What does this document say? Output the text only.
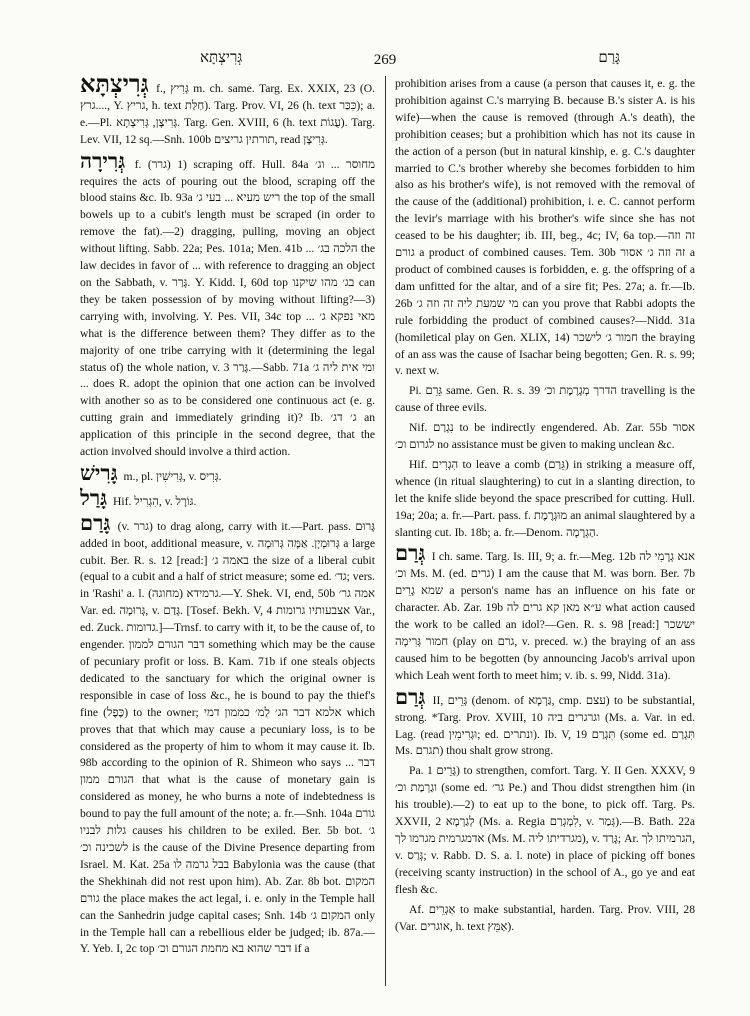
גְּרִיצְתָּא	269	גָּרַם

גְּרִיצְתָּא f., גְּרִיץ m. ch. same. Targ. Ex. XXIX, 23 (O. גרץ...., Y. גריץ, h. text חַלַּת). Targ. Prov. VI, 26 (h. text כִּכַּר); a. e.—Pl. גְּרִיצָן, גְּרִיצְתָא. Targ. Gen. XVIII, 6 (h. text עֻגוֹת). Targ. Lev. VII, 12 sq.—Snh. 100b תורתין גריצים, read גְּרִיצָן.

גְּרִירָה f. (גרר) 1) scraping off. Hull. 84a מחוסר ... וג׳ requires the acts of pouring out the blood, scraping off the blood stains &c. Ib. 93a ריש מעיא ... בעי ג׳ the top of the small bowels up to a cubit's length must be scraped (in order to remove the fat).—2) dragging, pulling, moving an object without lifting. Sabb. 22a; Pes. 101a; Men. 41b ... הלכה בג׳ the law decides in favor of ... with reference to dragging an object on the Sabbath, v. גָּרַר. Y. Kidd. I, 60d top בג׳ מהו שיקנו can they be taken possession of by moving without lifting?—3) carrying with, involving. Y. Pes. VII, 34c top ... מאי נפקא ג׳ what is the difference between them? They differ as to the majority of one tribe carrying with it (determining the legal status of) the whole nation, v. גָּרַר 3.—Sabb. 71a ומי אית ליה ג׳ ... does R. adopt the opinion that one action can be involved with another so as to be considered one continuous act (e. g. cutting grain and immediately grinding it)? Ib. ג׳ דג׳ an application of this principle in the second degree, that the action involved should involve a third action.

גָּרִישׁ m., pl. גְּרִישִׁין, v. גְּרִיס.

גָּרַל Hif. הִגְרִיל, v. גּוֹרָל.

גָּרַם (v. גרר) to drag along, carry with it.—Part. pass. גָּרוּם added in boot, additional measure, v. גְּרוּמְיָן. אַמָּה גְּרוּמָה a large cubit. Ber. R. s. 12 [read:] באמה ג׳ the size of a liberal cubit (equal to a cubit and a half of strict measure; some ed. גד׳; vers. in 'Rashi' a. l. גרמידא (מחוגה).—Y. Shek. VI, end, 50b אמה גר׳ Var. ed. גְּרוּמָה, v. גָּדַם. [Tosef. Bekh. V, 4 אצבעותיו גרומות Var., ed. Zuck. גדומות.]—Trnsf. to carry with it, to be the cause of, to engender. דבר הגורם לממון something which may be the cause of pecuniary profit or loss. B. Kam. 71b if one steals objects dedicated to the sanctuary for which the original owner is responsible in case of loss &c., he is bound to pay the thief's fine (כֶּפֶל) to the owner; אלמא דבר הג׳ לַמ׳ כממון דמי which proves that that which may cause a pecuniary loss, is to be considered as the property of him to whom it may cause it. Ib. 98b according to the opinion of R. Shimeon who says ... דבר הגורם ממון that what is the cause of monetary gain is considered as money, he who burns a note of indebtedness is bound to pay the full amount of the note; a. fr.—Snh. 104a גורם גלות לבניו causes his children to be exiled. Ber. 5b bot. ג׳ לשכינה וכ׳ is the cause of the Divine Presence departing from Israel. M. Kat. 25a בבל גרמה לו Babylonia was the cause (that the Shekhinah did not rest upon him). Ab. Zar. 8b bot. המקום גורם the place makes the act legal, i. e. only in the Temple hall can the Sanhedrin judge capital cases; Snh. 14b המקום ג׳ only in the Temple hall can a rebellious elder be judged; ib. 87a.—Y. Yeb. I, 2c top דבר שהוא בא מחמת הגורם וכ׳ if a

prohibition arises from a cause (a person that causes it, e. g. the prohibition against C.'s marrying B. because B.'s sister A. is his wife)—when the cause is removed (through A.'s death), the prohibition ceases; but a prohibition which has not its cause in the action of a person (but in natural kinship, e. g. C.'s daughter married to C.'s brother whereby she becomes forbidden to him also as his brother's wife), is not removed with the removal of the cause of the (additional) prohibition, i. e. C. cannot perform the levir's marriage with his brother's wife since she has not ceased to be his daughter; ib. III, beg., 4c; IV, 6a top.—זה וזה גורם a product of combined causes. Tem. 30b זה וזה ג׳ אסור a product of combined causes is forbidden, e. g. the offspring of a dam unfitted for the altar, and of a sire fit; Pes. 27a; a. fr.—Ib. 26b מי שמעת ליה זה וזה ג׳ can you prove that Rabbi adopts the rule forbidding the product of combined causes?—Nidd. 31a (homiletical play on Gen. XLIX, 14) חמור ג׳ לישכר the braying of an ass was the cause of Isachar being begotten; Gen. R. s. 99; v. next w.

Pi. גֵּרֵם same. Gen. R. s. 39 הדרך מְגָרֶמֶת וכ׳ travelling is the cause of three evils.

Nif. נִגְרַם to be indirectly engendered. Ab. Zar. 55b אסור לגרום וכ׳ no assistance must be given to making unclean &c.

Hif. הִגְרִים to leave a comb (גֵּרַם) in striking a measure off, whence (in ritual slaughtering) to cut in a slanting direction, to let the knife slide beyond the space prescribed for cutting. Hull. 19a; 20a; a. fr.—Part. pass. f. מוּגְרֶמֶת an animal slaughtered by a slanting cut. Ib. 18b; a. fr.—Denom. הַגְרָמָה.

גְּרַם I ch. same. Targ. Is. III, 9; a. fr.—Meg. 12b אנא גְרָמִי לה וכ׳ Ms. M. (ed. גרים) I am the cause that M. was born. Ber. 7b שמא גָרֵים a person's name has an influence on his fate or character. Ab. Zar. 19b ע״א מאן קא גרים לה what action caused the work to be called an idol?—Gen. R. s. 98 [read:] יששכר חמור גְּרִימָה (play on גרם, v. preced. w.) the braying of an ass caused him to be begotten (by announcing Jacob's arrival upon which Leah went forth to meet him; v. ib. s. 99, Nidd. 31a).

גְּרַם II, גְּרֵים (denom. of גַּרְמָא, cmp. עצם) to be substantial, strong. *Targ. Prov. XVIII, 10 וגרגרים ביה (Ms. a. Var. in ed. Lag. (read וּגְרִימִין; ed. ונתרים). Ib. V, 19 תִּגְרַם (some ed. תִּגְרַם Ms. תגרם) thou shalt grow strong.

Pa. גָּרֵים 1) to strengthen, comfort. Targ. Y. II Gen. XXXV, 9 וגַרְמַת וכ׳ (some ed. גר׳ Pe.) and Thou didst strengthen him (in his trouble).—2) to eat up to the bone, to pick off. Targ. Ps. XXVII, 2 לְגַרְמָא (Ms. a. Regia לִמְגְרַם, v. גְּמַר).—B. Bath. 22a אדמגרמית מגרמו לך (Ms. M. מגרדיתו ליה), v. גָּרַד; Ar. הגרמיתו לך, v. גְּרַס; v. Rabb. D. S. a. l. note) in place of picking off bones (receiving scanty instruction) in the school of A., go ye and eat flesh &c.

Af. אַגְרֵים to make substantial, harden. Targ. Prov. VIII, 28 (Var. אוגרים, h. text אַמֵּץ).
